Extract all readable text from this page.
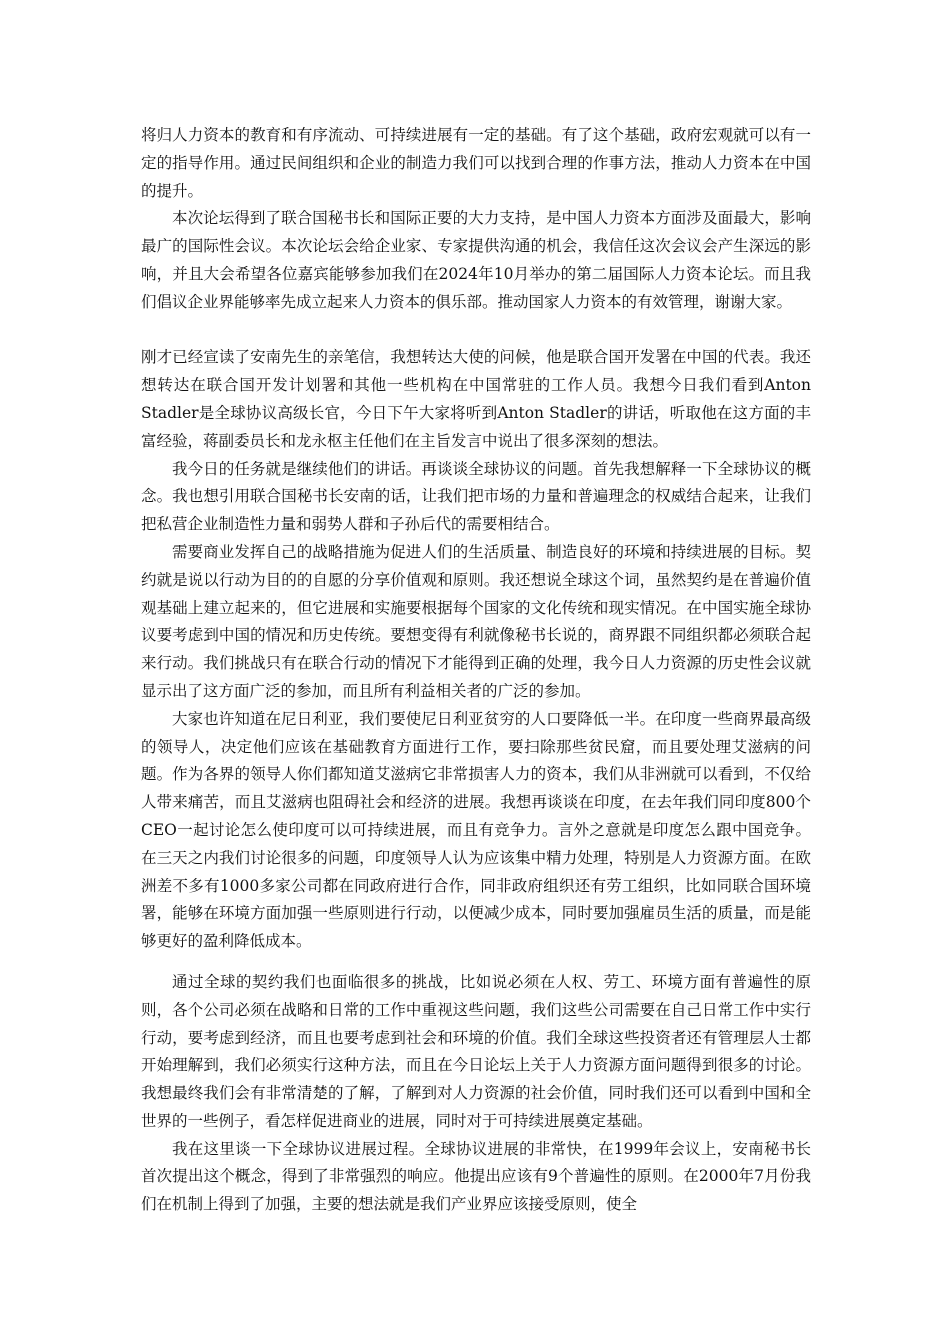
将归人力资本的教育和有序流动、可持续进展有一定的基础。有了这个基础，政府宏观就可以有一定的指导作用。通过民间组织和企业的制造力我们可以找到合理的作事方法，推动人力资本在中国的提升。

本次论坛得到了联合国秘书长和国际正要的大力支持，是中国人力资本方面涉及面最大，影响最广的国际性会议。本次论坛会给企业家、专家提供沟通的机会，我信任这次会议会产生深远的影响，并且大会希望各位嘉宾能够参加我们在2024年10月举办的第二届国际人力资本论坛。而且我们倡议企业界能够率先成立起来人力资本的俱乐部。推动国家人力资本的有效管理，谢谢大家。

刚才已经宣读了安南先生的亲笔信，我想转达大使的问候，他是联合国开发署在中国的代表。我还想转达在联合国开发计划署和其他一些机构在中国常驻的工作人员。我想今日我们看到Anton Stadler是全球协议高级长官，今日下午大家将听到Anton Stadler的讲话，听取他在这方面的丰富经验，蒋副委员长和龙永枢主任他们在主旨发言中说出了很多深刻的想法。

我今日的任务就是继续他们的讲话。再谈谈全球协议的问题。首先我想解释一下全球协议的概念。我也想引用联合国秘书长安南的话，让我们把市场的力量和普遍理念的权威结合起来，让我们把私营企业制造性力量和弱势人群和子孙后代的需要相结合。

需要商业发挥自己的战略措施为促进人们的生活质量、制造良好的环境和持续进展的目标。契约就是说以行动为目的的自愿的分享价值观和原则。我还想说全球这个词，虽然契约是在普遍价值观基础上建立起来的，但它进展和实施要根据每个国家的文化传统和现实情况。在中国实施全球协议要考虑到中国的情况和历史传统。要想变得有利就像秘书长说的，商界跟不同组织都必须联合起来行动。我们挑战只有在联合行动的情况下才能得到正确的处理，我今日人力资源的历史性会议就显示出了这方面广泛的参加，而且所有利益相关者的广泛的参加。

大家也许知道在尼日利亚，我们要使尼日利亚贫穷的人口要降低一半。在印度一些商界最高级的领导人，决定他们应该在基础教育方面进行工作，要扫除那些贫民窟，而且要处理艾滋病的问题。作为各界的领导人你们都知道艾滋病它非常损害人力的资本，我们从非洲就可以看到，不仅给人带来痛苦，而且艾滋病也阻碍社会和经济的进展。我想再谈谈在印度，在去年我们同印度800个CEO一起讨论怎么使印度可以可持续进展，而且有竞争力。言外之意就是印度怎么跟中国竞争。在三天之内我们讨论很多的问题，印度领导人认为应该集中精力处理，特别是人力资源方面。在欧洲差不多有1000多家公司都在同政府进行合作，同非政府组织还有劳工组织，比如同联合国环境署，能够在环境方面加强一些原则进行行动，以便减少成本，同时要加强雇员生活的质量，而是能够更好的盈利降低成本。

通过全球的契约我们也面临很多的挑战，比如说必须在人权、劳工、环境方面有普遍性的原则，各个公司必须在战略和日常的工作中重视这些问题，我们这些公司需要在自己日常工作中实行行动，要考虑到经济，而且也要考虑到社会和环境的价值。我们全球这些投资者还有管理层人士都开始理解到，我们必须实行这种方法，而且在今日论坛上关于人力资源方面问题得到很多的讨论。我想最终我们会有非常清楚的了解，了解到对人力资源的社会价值，同时我们还可以看到中国和全世界的一些例子，看怎样促进商业的进展，同时对于可持续进展奠定基础。

我在这里谈一下全球协议进展过程。全球协议进展的非常快，在1999年会议上，安南秘书长首次提出这个概念，得到了非常强烈的响应。他提出应该有9个普遍性的原则。在2000年7月份我们在机制上得到了加强，主要的想法就是我们产业界应该接受原则，使全
